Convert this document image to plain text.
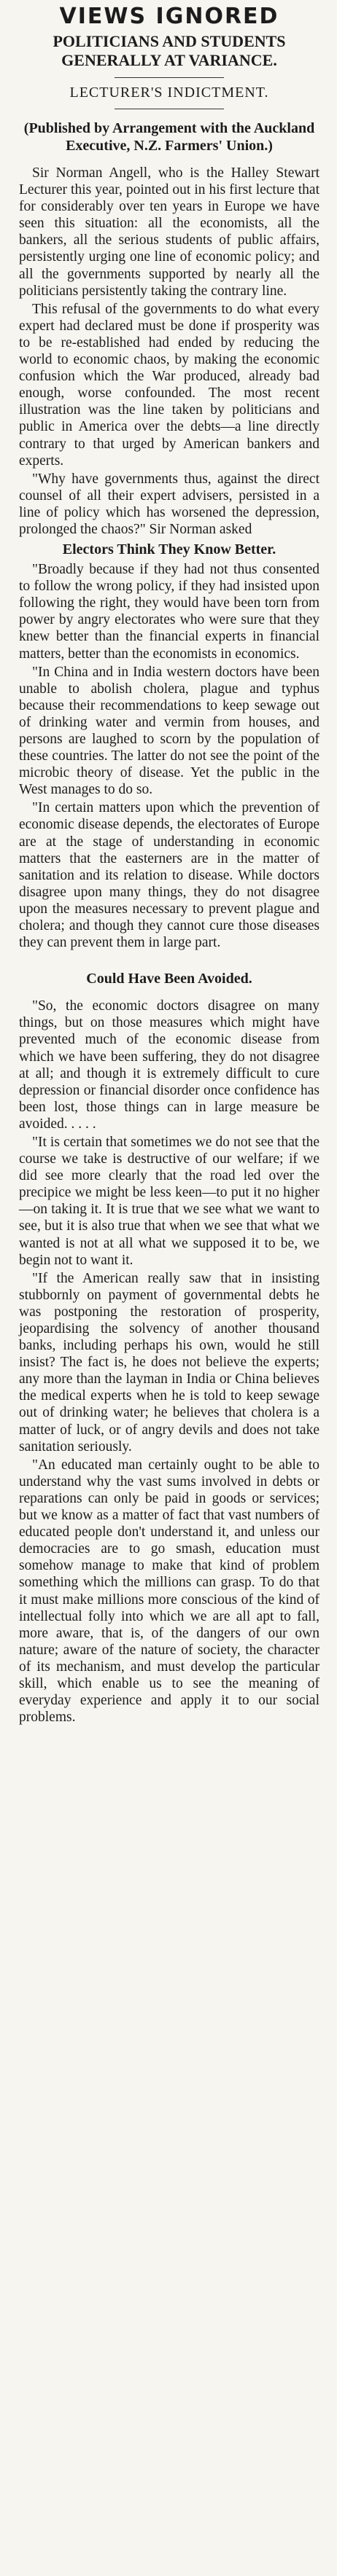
VIEWS IGNORED
POLITICIANS AND STUDENTS GENERALLY AT VARIANCE.

LECTURER'S INDICTMENT.

(Published by Arrangement with the Auckland Executive, N.Z. Farmers' Union.)

Sir Norman Angell, who is the Halley Stewart Lecturer this year, pointed out in his first lecture that for considerably over ten years in Europe we have seen this situation: all the economists, all the bankers, all the serious students of public affairs, persistently urging one line of economic policy; and all the governments supported by nearly all the politicians persistently taking the contrary line.

This refusal of the governments to do what every expert had declared must be done if prosperity was to be re-established had ended by reducing the world to economic chaos, by making the economic confusion which the War produced, already bad enough, worse confounded. The most recent illustration was the line taken by politicians and public in America over the debts—a line directly contrary to that urged by American bankers and experts.

"Why have governments thus, against the direct counsel of all their expert advisers, persisted in a line of policy which has worsened the depression, prolonged the chaos?" Sir Norman asked

Electors Think They Know Better.

"Broadly because if they had not thus consented to follow the wrong policy, if they had insisted upon following the right, they would have been torn from power by angry electorates who were sure that they knew better than the financial experts in financial matters, better than the economists in economics.

"In China and in India western doctors have been unable to abolish cholera, plague and typhus because their recommendations to keep sewage out of drinking water and vermin from houses, and persons are laughed to scorn by the population of these countries. The latter do not see the point of the microbic theory of disease. Yet the public in the West manages to do so.

"In certain matters upon which the prevention of economic disease depends, the electorates of Europe are at the stage of understanding in economic matters that the easterners are in the matter of sanitation and its relation to disease. While doctors disagree upon many things, they do not disagree upon the measures necessary to prevent plague and cholera; and though they cannot cure those diseases they can prevent them in large part.

Could Have Been Avoided.

"So, the economic doctors disagree on many things, but on those measures which might have prevented much of the economic disease from which we have been suffering, they do not disagree at all; and though it is extremely difficult to cure depression or financial disorder once confidence has been lost, those things can in large measure be avoided. . . . .

"It is certain that sometimes we do not see that the course we take is destructive of our welfare; if we did see more clearly that the road led over the precipice we might be less keen—to put it no higher—on taking it. It is true that we see what we want to see, but it is also true that when we see that what we wanted is not at all what we supposed it to be, we begin not to want it.

"If the American really saw that in insisting stubbornly on payment of governmental debts he was postponing the restoration of prosperity, jeopardising the solvency of another thousand banks, including perhaps his own, would he still insist? The fact is, he does not believe the experts; any more than the layman in India or China believes the medical experts when he is told to keep sewage out of drinking water; he believes that cholera is a matter of luck, or of angry devils and does not take sanitation seriously.

"An educated man certainly ought to be able to understand why the vast sums involved in debts or reparations can only be paid in goods or services; but we know as a matter of fact that vast numbers of educated people don't understand it, and unless our democracies are to go smash, education must somehow manage to make that kind of problem something which the millions can grasp. To do that it must make millions more conscious of the kind of intellectual folly into which we are all apt to fall, more aware, that is, of the dangers of our own nature; aware of the nature of society, the character of its mechanism, and must develop the particular skill, which enable us to see the meaning of everyday experience and apply it to our social problems.
